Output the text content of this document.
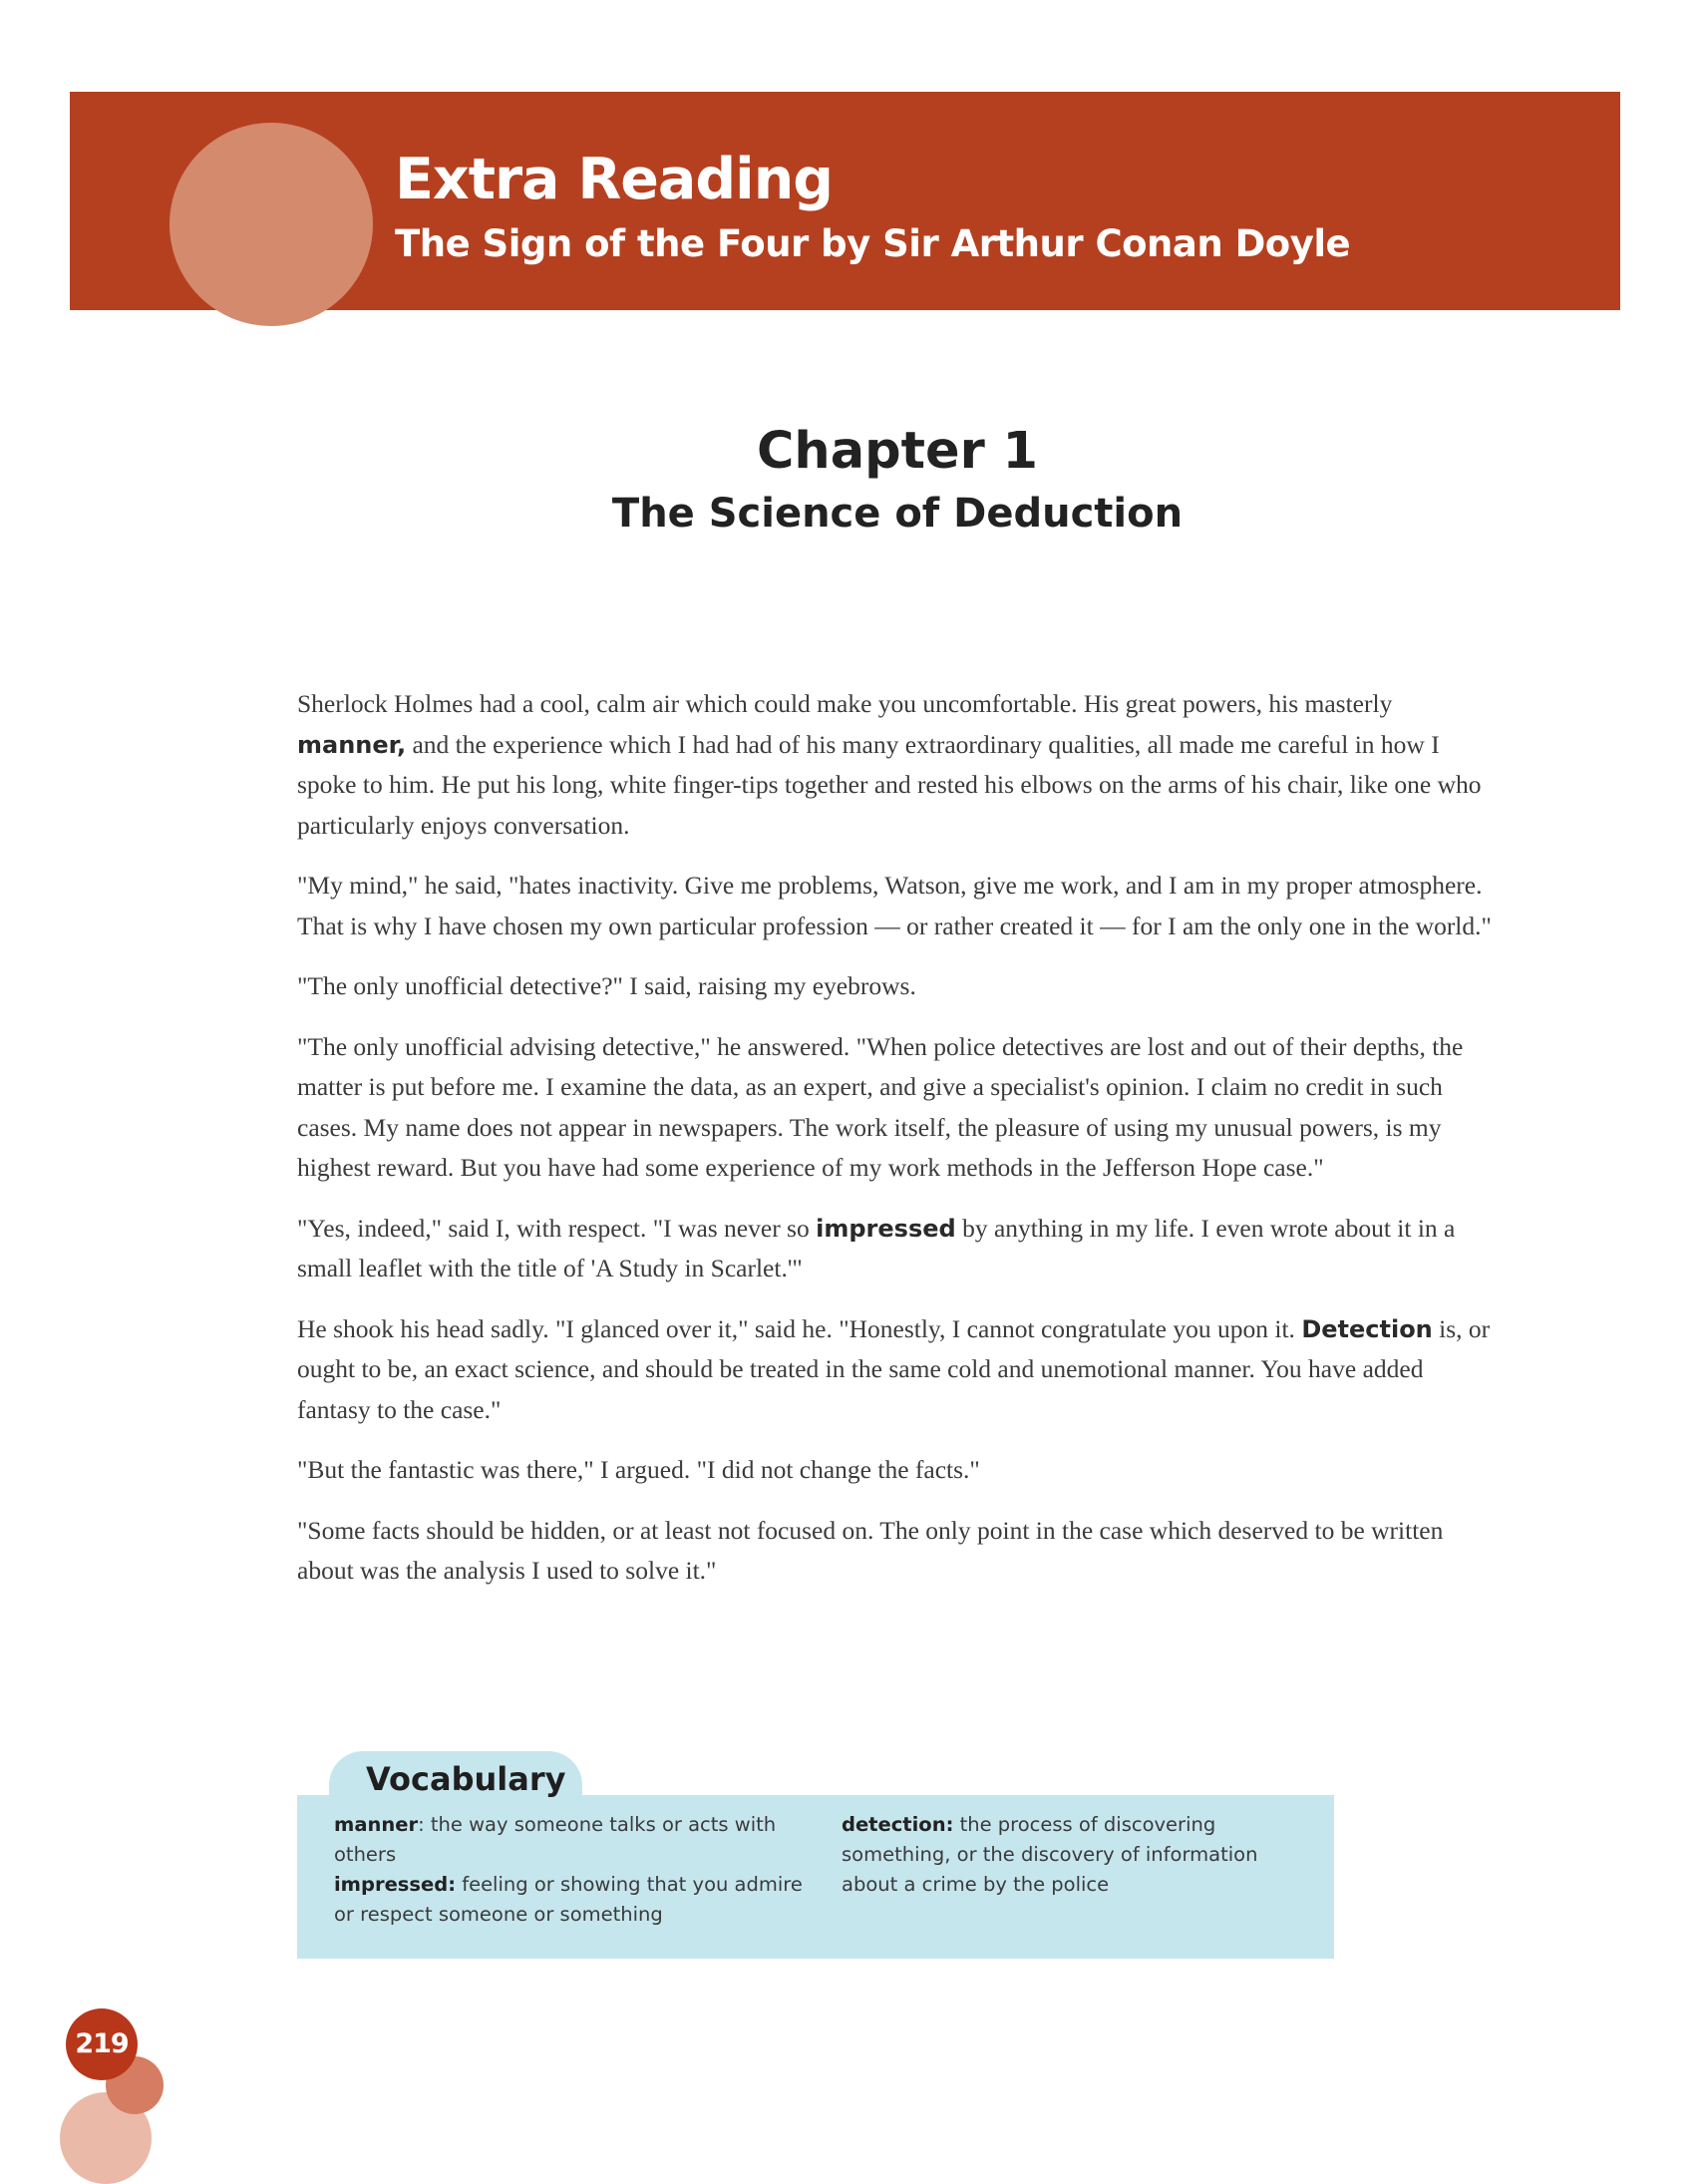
Extra Reading
The Sign of the Four by Sir Arthur Conan Doyle
Chapter 1
The Science of Deduction

Sherlock Holmes had a cool, calm air which could make you uncomfortable. His great powers, his masterly manner, and the experience which I had had of his many extraordinary qualities, all made me careful in how I spoke to him. He put his long, white finger-tips together and rested his elbows on the arms of his chair, like one who particularly enjoys conversation.

"My mind," he said, "hates inactivity. Give me problems, Watson, give me work, and I am in my proper atmosphere. That is why I have chosen my own particular profession — or rather created it — for I am the only one in the world."

"The only unofficial detective?" I said, raising my eyebrows.

"The only unofficial advising detective," he answered. "When police detectives are lost and out of their depths, the matter is put before me. I examine the data, as an expert, and give a specialist's opinion. I claim no credit in such cases. My name does not appear in newspapers. The work itself, the pleasure of using my unusual powers, is my highest reward. But you have had some experience of my work methods in the Jefferson Hope case."

"Yes, indeed," said I, with respect. "I was never so impressed by anything in my life. I even wrote about it in a small leaflet with the title of 'A Study in Scarlet.'"

He shook his head sadly. "I glanced over it," said he. "Honestly, I cannot congratulate you upon it. Detection is, or ought to be, an exact science, and should be treated in the same cold and unemotional manner. You have added fantasy to the case."

"But the fantastic was there," I argued. "I did not change the facts."

"Some facts should be hidden, or at least not focused on. The only point in the case which deserved to be written about was the analysis I used to solve it."

Vocabulary
manner: the way someone talks or acts with others
impressed: feeling or showing that you admire or respect someone or something
detection: the process of discovering something, or the discovery of information about a crime by the police
219
